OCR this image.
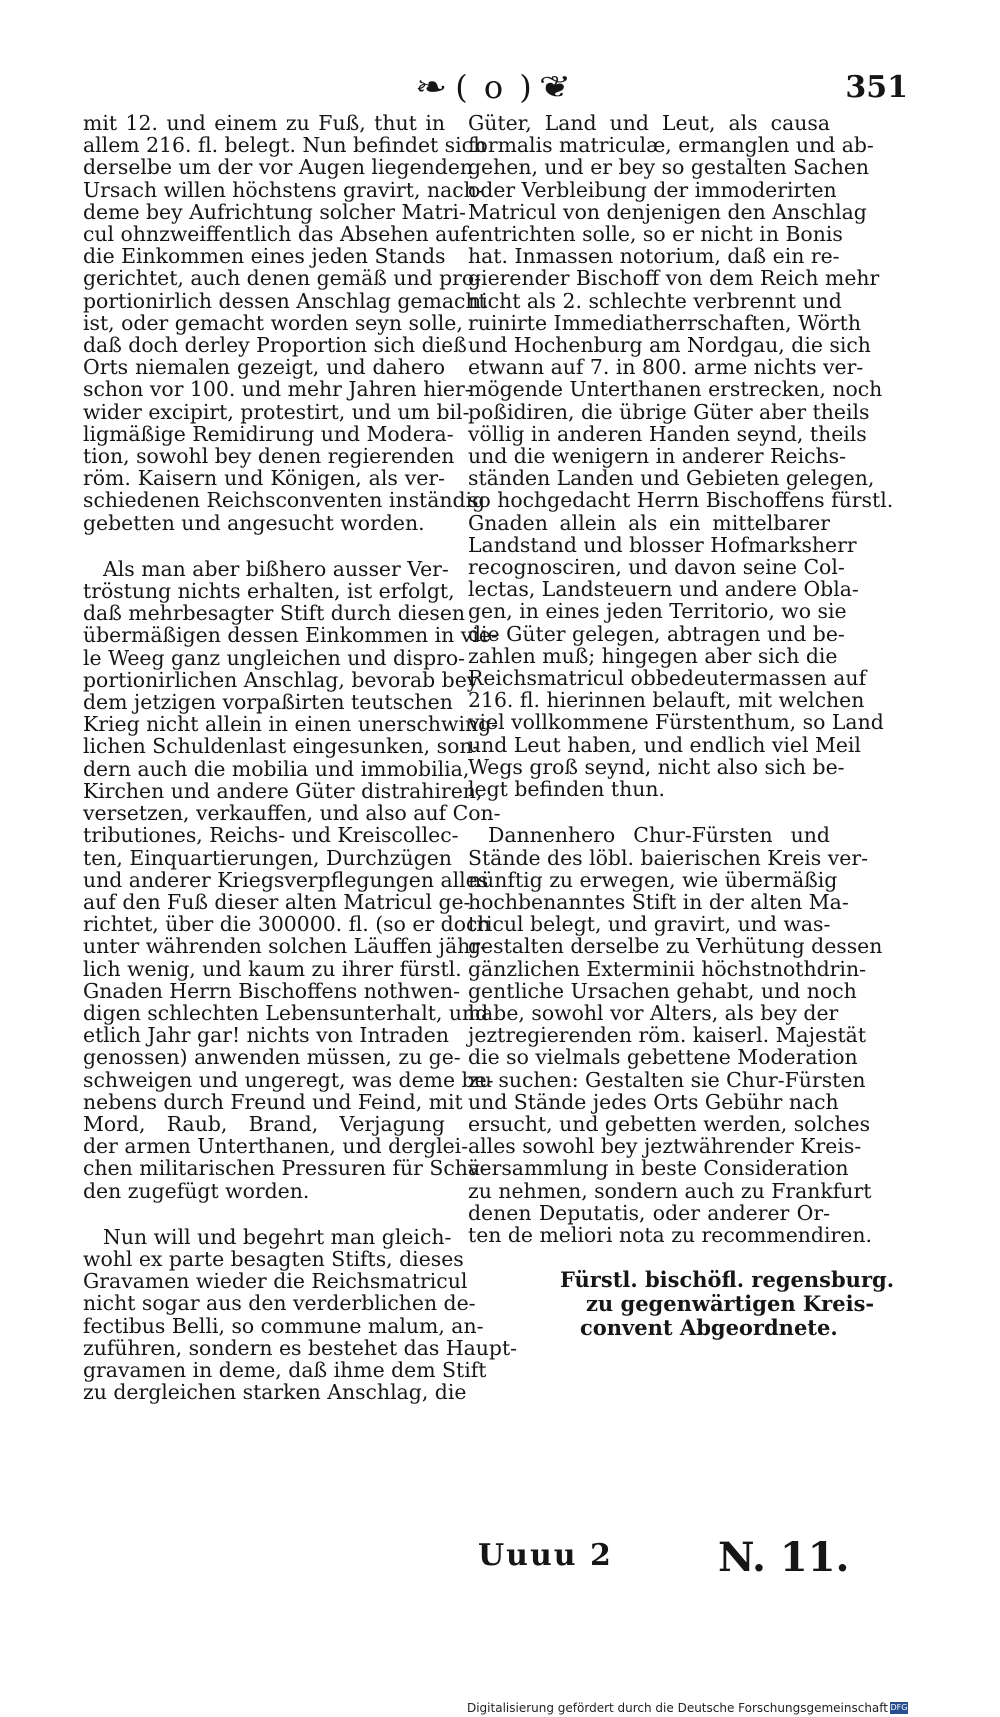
❧ ( o ) ❦	351
mit 12. und einem zu Fuß, thut in
allem 216. fl. belegt. Nun befindet sich
derselbe um der vor Augen liegenden
Ursach willen höchstens gravirt, nach-
deme bey Aufrichtung solcher Matri-
cul ohnzweiffentlich das Absehen auf
die Einkommen eines jeden Stands
gerichtet, auch denen gemäß und pro-
portionirlich dessen Anschlag gemacht
ist, oder gemacht worden seyn solle,
daß doch derley Proportion sich dieß
Orts niemalen gezeigt, und dahero
schon vor 100. und mehr Jahren hier-
wider excipirt, protestirt, und um bil-
ligmäßige Remidirung und Modera-
tion, sowohl bey denen regierenden
röm. Kaisern und Königen, als ver-
schiedenen Reichsconventen inständig
gebetten und angesucht worden.
Als man aber bißhero ausser Ver-
tröstung nichts erhalten, ist erfolgt,
daß mehrbesagter Stift durch diesen
übermäßigen dessen Einkommen in vie-
le Weeg ganz ungleichen und dispro-
portionirlichen Anschlag, bevorab bey
dem jetzigen vorpaßirten teutschen
Krieg nicht allein in einen unerschwing-
lichen Schuldenlast eingesunken, son-
dern auch die mobilia und immobilia,
Kirchen und andere Güter distrahiren,
versetzen, verkauffen, und also auf Con-
tributiones, Reichs- und Kreiscollec-
ten, Einquartierungen, Durchzügen
und anderer Kriegsverpflegungen alles
auf den Fuß dieser alten Matricul ge-
richtet, über die 300000. fl. (so er doch
unter währenden solchen Läuffen jähr-
lich wenig, und kaum zu ihrer fürstl.
Gnaden Herrn Bischoffens nothwen-
digen schlechten Lebensunterhalt, und
etlich Jahr gar! nichts von Intraden
genossen) anwenden müssen, zu ge-
schweigen und ungeregt, was deme be-
nebens durch Freund und Feind, mit
Mord, Raub, Brand, Verjagung
der armen Unterthanen, und derglei-
chen militarischen Pressuren für Schä-
den zugefügt worden.
Nun will und begehrt man gleich-
wohl ex parte besagten Stifts, dieses
Gravamen wieder die Reichsmatricul
nicht sogar aus den verderblichen de-
fectibus Belli, so commune malum, an-
zuführen, sondern es bestehet das Haupt-
gravamen in deme, daß ihme dem Stift
zu dergleichen starken Anschlag, die
Güter, Land und Leut, als causa
formalis matriculæ, ermanglen und ab-
gehen, und er bey so gestalten Sachen
oder Verbleibung der immoderirten
Matricul von denjenigen den Anschlag
entrichten solle, so er nicht in Bonis
hat. Inmassen notorium, daß ein re-
gierender Bischoff von dem Reich mehr
nicht als 2. schlechte verbrennt und
ruinirte Immediatherrschaften, Wörth
und Hochenburg am Nordgau, die sich
etwann auf 7. in 800. arme nichts ver-
mögende Unterthanen erstrecken, noch
poßidiren, die übrige Güter aber theils
völlig in anderen Handen seynd, theils
und die wenigern in anderer Reichs-
ständen Landen und Gebieten gelegen,
so hochgedacht Herrn Bischoffens fürstl.
Gnaden allein als ein mittelbarer
Landstand und blosser Hofmarksherr
recognosciren, und davon seine Col-
lectas, Landsteuern und andere Obla-
gen, in eines jeden Territorio, wo sie
die Güter gelegen, abtragen und be-
zahlen muß; hingegen aber sich die
Reichsmatricul obbedeutermassen auf
216. fl. hierinnen belauft, mit welchen
viel vollkommene Fürstenthum, so Land
und Leut haben, und endlich viel Meil
Wegs groß seynd, nicht also sich be-
legt befinden thun.
Dannenhero Chur-Fürsten und
Stände des löbl. baierischen Kreis ver-
nünftig zu erwegen, wie übermäßig
hochbenanntes Stift in der alten Ma-
tricul belegt, und gravirt, und was-
gestalten derselbe zu Verhütung dessen
gänzlichen Exterminii höchstnothdrin-
gentliche Ursachen gehabt, und noch
habe, sowohl vor Alters, als bey der
jeztregierenden röm. kaiserl. Majestät
die so vielmals gebettene Moderation
zu suchen: Gestalten sie Chur-Fürsten
und Stände jedes Orts Gebühr nach
ersucht, und gebetten werden, solches
alles sowohl bey jeztwährender Kreis-
versammlung in beste Consideration
zu nehmen, sondern auch zu Frankfurt
denen Deputatis, oder anderer Or-
ten de meliori nota zu recommendiren.
Fürstl. bischöfl. regensburg.
zu gegenwärtigen Kreis-
convent Abgeordnete.
Uuuu 2	N. 11.
Digitalisierung gefördert durch die Deutsche Forschungsgemeinschaft DFG
